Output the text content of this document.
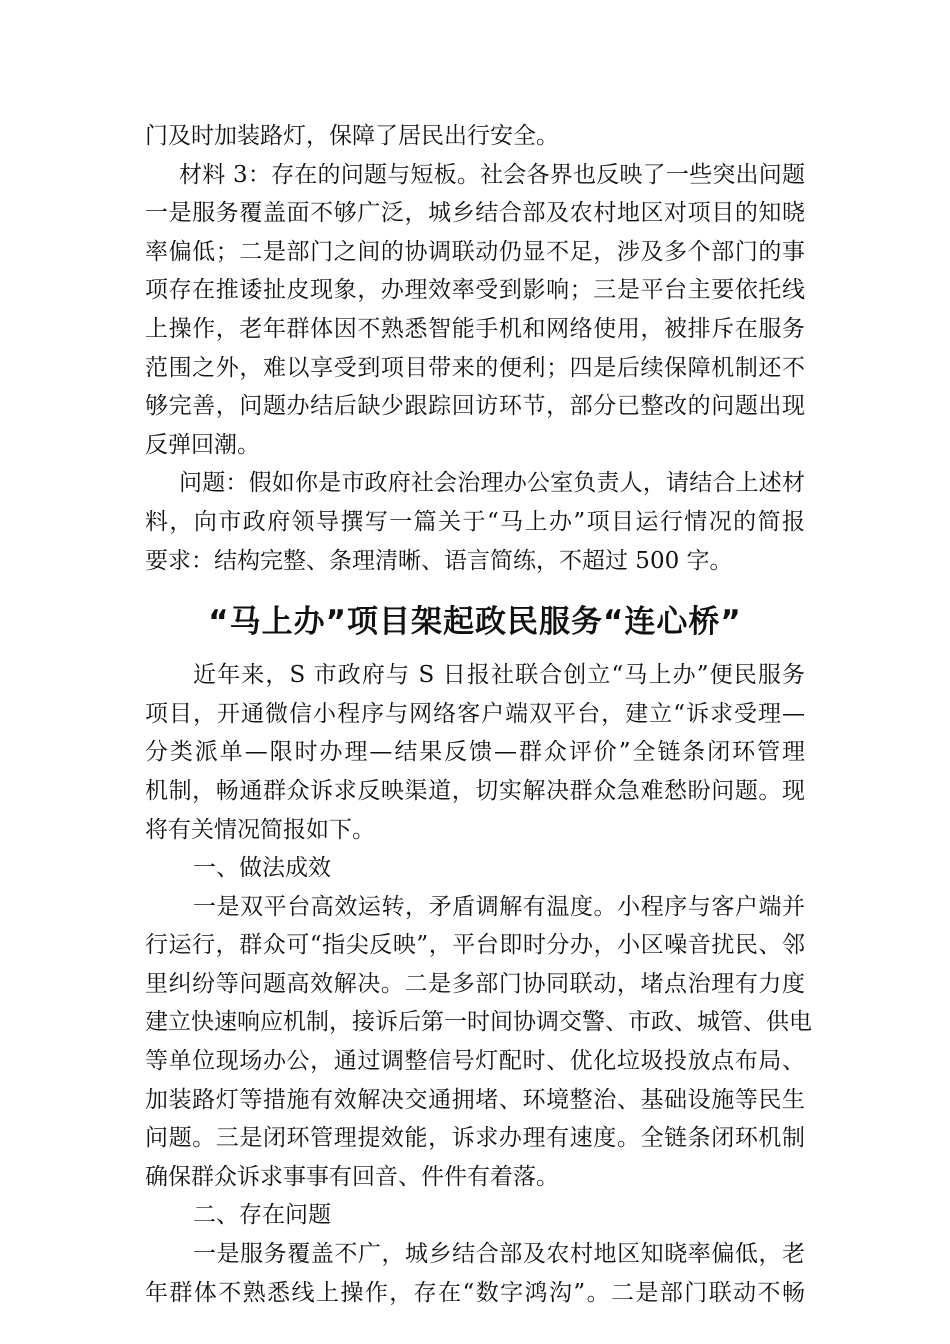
门及时加装路灯，保障了居民出行安全。
材料 3：存在的问题与短板。社会各界也反映了一些突出问题
一是服务覆盖面不够广泛，城乡结合部及农村地区对项目的知晓
率偏低；二是部门之间的协调联动仍显不足，涉及多个部门的事
项存在推诿扯皮现象，办理效率受到影响；三是平台主要依托线
上操作，老年群体因不熟悉智能手机和网络使用，被排斥在服务
范围之外，难以享受到项目带来的便利；四是后续保障机制还不
够完善，问题办结后缺少跟踪回访环节，部分已整改的问题出现
反弹回潮。
问题：假如你是市政府社会治理办公室负责人，请结合上述材
料，向市政府领导撰写一篇关于“马上办”项目运行情况的简报
要求：结构完整、条理清晰、语言简练，不超过 500 字。
“马上办”项目架起政民服务“连心桥”
近年来，S 市政府与 S 日报社联合创立“马上办”便民服务
项目，开通微信小程序与网络客户端双平台，建立“诉求受理—
分类派单—限时办理—结果反馈—群众评价”全链条闭环管理
机制，畅通群众诉求反映渠道，切实解决群众急难愁盼问题。现
将有关情况简报如下。
一、做法成效
一是双平台高效运转，矛盾调解有温度。小程序与客户端并
行运行，群众可“指尖反映”，平台即时分办，小区噪音扰民、邻
里纠纷等问题高效解决。二是多部门协同联动，堵点治理有力度
建立快速响应机制，接诉后第一时间协调交警、市政、城管、供电
等单位现场办公，通过调整信号灯配时、优化垃圾投放点布局、
加装路灯等措施有效解决交通拥堵、环境整治、基础设施等民生
问题。三是闭环管理提效能，诉求办理有速度。全链条闭环机制
确保群众诉求事事有回音、件件有着落。
二、存在问题
一是服务覆盖不广，城乡结合部及农村地区知晓率偏低，老
年群体不熟悉线上操作，存在“数字鸿沟”。二是部门联动不畅
